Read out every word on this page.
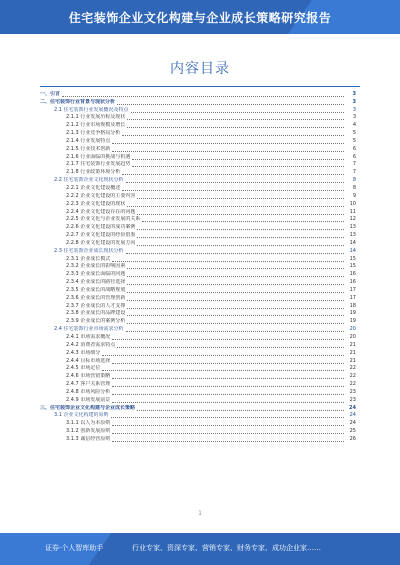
住宅装饰企业文化构建与企业成长策略研究报告
内容目录
一、引言	3
二、住宅装饰行业背景与现状分析	3
2.1 住宅装饰行业发展概况及特点	3
2.1.1 行业发展历程及现状	3
2.1.2 行业市场规模及增长	4
2.1.3 行业竞争格局分析	5
2.1.4 行业发展特点	5
2.1.5 行业技术创新	6
2.1.6 行业面临的挑战与机遇	6
2.1.7 住宅装饰行业发展趋势	7
2.1.8 行业政策环境分析	7
2.2 住宅装饰企业文化现状分析	8
2.2.1 企业文化建设概述	8
2.2.2 企业文化建设的主要内容	9
2.2.3 企业文化建设的现状	10
2.2.4 企业文化建设存在的问题	11
2.2.5 企业文化与企业发展的关系	12
2.2.6 企业文化建设的成功案例	13
2.2.7 企业文化建设的经验借鉴	13
2.2.8 企业文化建设的发展方向	14
2.3 住宅装饰企业成长现状分析	14
2.3.1 企业成长模式	15
2.3.2 企业成长的影响因素	15
2.3.3 企业成长面临的问题	16
2.3.4 企业成长的路径选择	16
2.3.5 企业成长的战略规划	17
2.3.6 企业成长的管理创新	17
2.3.7 企业成长的人才支撑	18
2.3.8 企业成长的品牌建设	19
2.3.9 企业成长的案例分析	19
2.4 住宅装饰行业市场需求分析	20
2.4.1 市场需求概况	20
2.4.2 消费者需求特点	21
2.4.3 市场细分	21
2.4.4 目标市场选择	21
2.4.5 市场定位	22
2.4.6 市场营销策略	22
2.4.7 客户关系管理	22
2.4.8 市场风险分析	23
2.4.9 市场发展前景	23
三、住宅装饰企业文化构建与企业成长策略	24
3.1 企业文化构建的原则	24
3.1.1 以人为本原则	24
3.1.2 创新发展原则	25
3.1.3 诚信经营原则	26
1
证券·个人智库助手	行业专家、资深专家、营销专家、财务专家、成功企业家……
